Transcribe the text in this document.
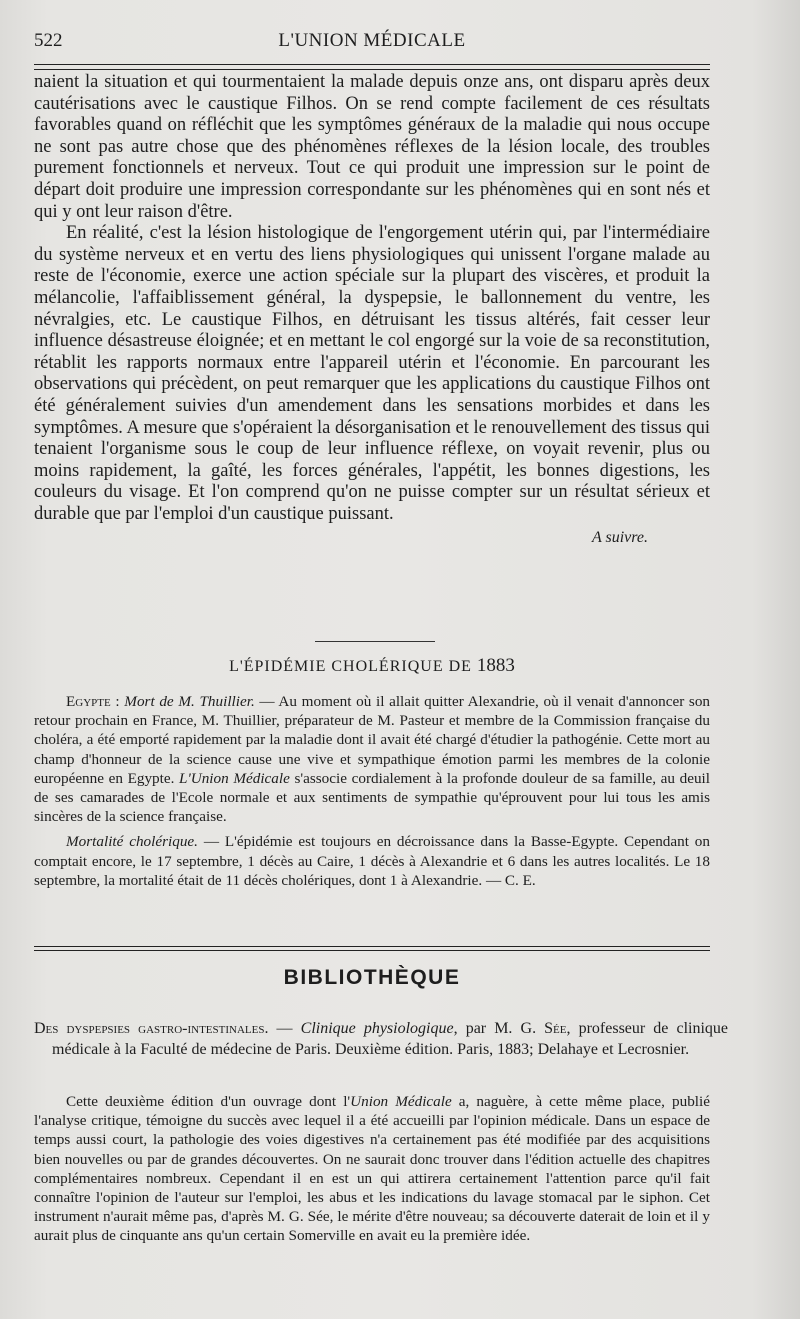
522	L'UNION MÉDICALE

naient la situation et qui tourmentaient la malade depuis onze ans, ont disparu après deux cautérisations avec le caustique Filhos. On se rend compte facilement de ces résultats favorables quand on réfléchit que les symptômes généraux de la maladie qui nous occupe ne sont pas autre chose que des phénomènes réflexes de la lésion locale, des troubles purement fonctionnels et nerveux. Tout ce qui produit une impression sur le point de départ doit produire une impression correspondante sur les phénomènes qui en sont nés et qui y ont leur raison d'être.

En réalité, c'est la lésion histologique de l'engorgement utérin qui, par l'intermédiaire du système nerveux et en vertu des liens physiologiques qui unissent l'organe malade au reste de l'économie, exerce une action spéciale sur la plupart des viscères, et produit la mélancolie, l'affaiblissement général, la dyspepsie, le ballonnement du ventre, les névralgies, etc. Le caustique Filhos, en détruisant les tissus altérés, fait cesser leur influence désastreuse éloignée; et en mettant le col engorgé sur la voie de sa reconstitution, rétablit les rapports normaux entre l'appareil utérin et l'économie. En parcourant les observations qui précèdent, on peut remarquer que les applications du caustique Filhos ont été généralement suivies d'un amendement dans les sensations morbides et dans les symptômes. A mesure que s'opéraient la désorganisation et le renouvellement des tissus qui tenaient l'organisme sous le coup de leur influence réflexe, on voyait revenir, plus ou moins rapidement, la gaîté, les forces générales, l'appétit, les bonnes digestions, les couleurs du visage. Et l'on comprend qu'on ne puisse compter sur un résultat sérieux et durable que par l'emploi d'un caustique puissant.

A suivre.
L'ÉPIDÉMIE CHOLÉRIQUE DE 1883

Egypte : Mort de M. Thuillier. — Au moment où il allait quitter Alexandrie, où il venait d'annoncer son retour prochain en France, M. Thuillier, préparateur de M. Pasteur et membre de la Commission française du choléra, a été emporté rapidement par la maladie dont il avait été chargé d'étudier la pathogénie. Cette mort au champ d'honneur de la science cause une vive et sympathique émotion parmi les membres de la colonie européenne en Egypte. L'Union Médicale s'associe cordialement à la profonde douleur de sa famille, au deuil de ses camarades de l'Ecole normale et aux sentiments de sympathie qu'éprouvent pour lui tous les amis sincères de la science française.

Mortalité cholérique. — L'épidémie est toujours en décroissance dans la Basse-Egypte. Cependant on comptait encore, le 17 septembre, 1 décès au Caire, 1 décès à Alexandrie et 6 dans les autres localités. Le 18 septembre, la mortalité était de 11 décès cholériques, dont 1 à Alexandrie. — C. E.

BIBLIOTHÈQUE
Des dyspepsies gastro-intestinales. — Clinique physiologique, par M. G. Sée, professeur de clinique médicale à la Faculté de médecine de Paris. Deuxième édition. Paris, 1883; Delahaye et Lecrosnier.

Cette deuxième édition d'un ouvrage dont l'Union Médicale a, naguère, à cette même place, publié l'analyse critique, témoigne du succès avec lequel il a été accueilli par l'opinion médicale. Dans un espace de temps aussi court, la pathologie des voies digestives n'a certainement pas été modifiée par des acquisitions bien nouvelles ou par de grandes découvertes. On ne saurait donc trouver dans l'édition actuelle des chapitres complémentaires nombreux. Cependant il en est un qui attirera certainement l'attention parce qu'il fait connaître l'opinion de l'auteur sur l'emploi, les abus et les indications du lavage stomacal par le siphon. Cet instrument n'aurait même pas, d'après M. G. Sée, le mérite d'être nouveau; sa découverte daterait de loin et il y aurait plus de cinquante ans qu'un certain Somerville en avait eu la première idée.
